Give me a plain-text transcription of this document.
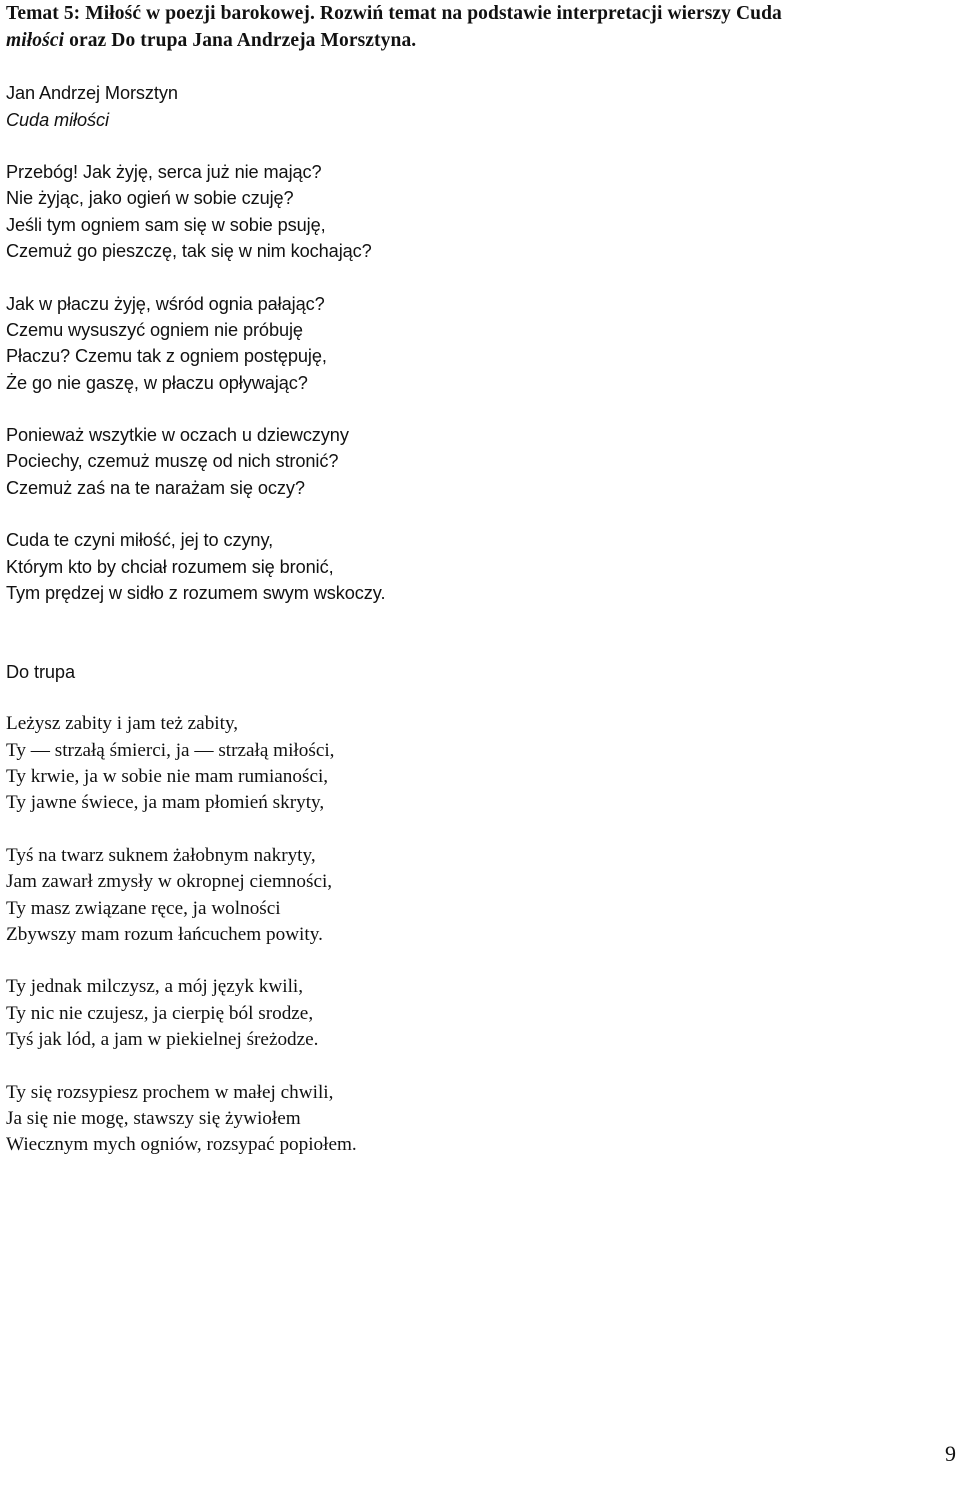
Temat 5: Miłość w poezji barokowej. Rozwiń temat na podstawie interpretacji wierszy Cuda
miłości oraz Do trupa Jana Andrzeja Morsztyna.
Jan Andrzej Morsztyn
Cuda miłości
Przebóg! Jak żyję, serca już nie mając?
Nie żyjąc, jako ogień w sobie czuję?
Jeśli tym ogniem sam się w sobie psuję,
Czemuż go pieszczę, tak się w nim kochając?
Jak w płaczu żyję, wśród ognia pałając?
Czemu wysuszyć ogniem nie próbuję
Płaczu? Czemu tak z ogniem postępuję,
Że go nie gaszę, w płaczu opływając?
Ponieważ wszytkie w oczach u dziewczyny
Pociechy, czemuż muszę od nich stronić?
Czemuż zaś na te narażam się oczy?
Cuda te czyni miłość, jej to czyny,
Którym kto by chciał rozumem się bronić,
Tym prędzej w sidło z rozumem swym wskoczy.
Do trupa
Leżysz zabity i jam też zabity,
Ty — strzałą śmierci, ja — strzałą miłości,
Ty krwie, ja w sobie nie mam rumianości,
Ty jawne świece, ja mam płomień skryty,
Tyś na twarz suknem żałobnym nakryty,
Jam zawarł zmysły w okropnej ciemności,
Ty masz związane ręce, ja wolności
Zbywszy mam rozum łańcuchem powity.
Ty jednak milczysz, a mój język kwili,
Ty nic nie czujesz, ja cierpię ból srodze,
Tyś jak lód, a jam w piekielnej śreżodze.
Ty się rozsypiesz prochem w małej chwili,
Ja się nie mogę, stawszy się żywiołem
Wiecznym mych ogniów, rozsypać popiołem.
9
